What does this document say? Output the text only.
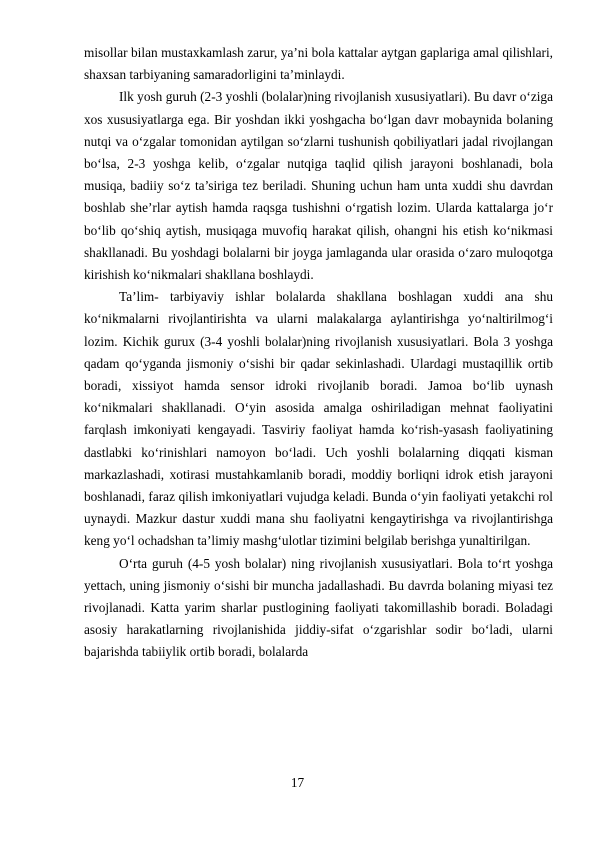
misollar bilan mustaxkamlash zarur, ya’ni bola kattalar aytgan gaplariga amal qilishlari, shaxsan tarbiyaning samaradorligini ta’minlaydi.

Ilk yosh guruh (2-3 yoshli (bolalar)ning rivojlanish xususiyatlari). Bu davr o‘ziga xos xususiyatlarga ega. Bir yoshdan ikki yoshgacha bo‘lgan davr mobaynida bolaning nutqi va o‘zgalar tomonidan aytilgan so‘zlarni tushunish qobiliyatlari jadal rivojlangan bo‘lsa, 2-3 yoshga kelib, o‘zgalar nutqiga taqlid qilish jarayoni boshlanadi, bola musiqa, badiiy so‘z ta’siriga tez beriladi. Shuning uchun ham unta xuddi shu davrdan boshlab she’rlar aytish hamda raqsga tushishni o‘rgatish lozim. Ularda kattalarga jo‘r bo‘lib qo‘shiq aytish, musiqaga muvofiq harakat qilish, ohangni his etish ko‘nikmasi shakllanadi. Bu yoshdagi bolalarni bir joyga jamlaganda ular orasida o‘zaro muloqotga kirishish ko‘nikmalari shakllana boshlaydi.

Ta’lim- tarbiyaviy ishlar bolalarda shakllana boshlagan xuddi ana shu ko‘nikmalarni rivojlantirishta va ularni malakalarga aylantirishga yo‘naltirilmog‘i lozim. Kichik gurux (3-4 yoshli bolalar)ning rivojlanish xususiyatlari. Bola 3 yoshga qadam qo‘yganda jismoniy o‘sishi bir qadar sekinlashadi. Ulardagi mustaqillik ortib boradi, xissiyot hamda sensor idroki rivojlanib boradi. Jamoa bo‘lib uynash ko‘nikmalari shakllanadi. O‘yin asosida amalga oshiriladigan mehnat faoliyatini farqlash imkoniyati kengayadi. Tasviriy faoliyat hamda ko‘rish-yasash faoliyatining dastlabki ko‘rinishlari namoyon bo‘ladi. Uch yoshli bolalarning diqqati kisman markazlashadi, xotirasi mustahkamlanib boradi, moddiy borliqni idrok etish jarayoni boshlanadi, faraz qilish imkoniyatlari vujudga keladi. Bunda o‘yin faoliyati yetakchi rol uynaydi. Mazkur dastur xuddi mana shu faoliyatni kengaytirishga va rivojlantirishga keng yo‘l ochadshan ta’limiy mashg‘ulotlar tizimini belgilab berishga yunaltirilgan.

O‘rta guruh (4-5 yosh bolalar) ning rivojlanish xususiyatlari. Bola to‘rt yoshga yettach, uning jismoniy o‘sishi bir muncha jadallashadi. Bu davrda bolaning miyasi tez rivojlanadi. Katta yarim sharlar pustlogining faoliyati takomillashib boradi. Boladagi asosiy harakatlarning rivojlanishida jiddiy-sifat o‘zgarishlar sodir bo‘ladi, ularni bajarishda tabiiylik ortib boradi, bolalarda

17
